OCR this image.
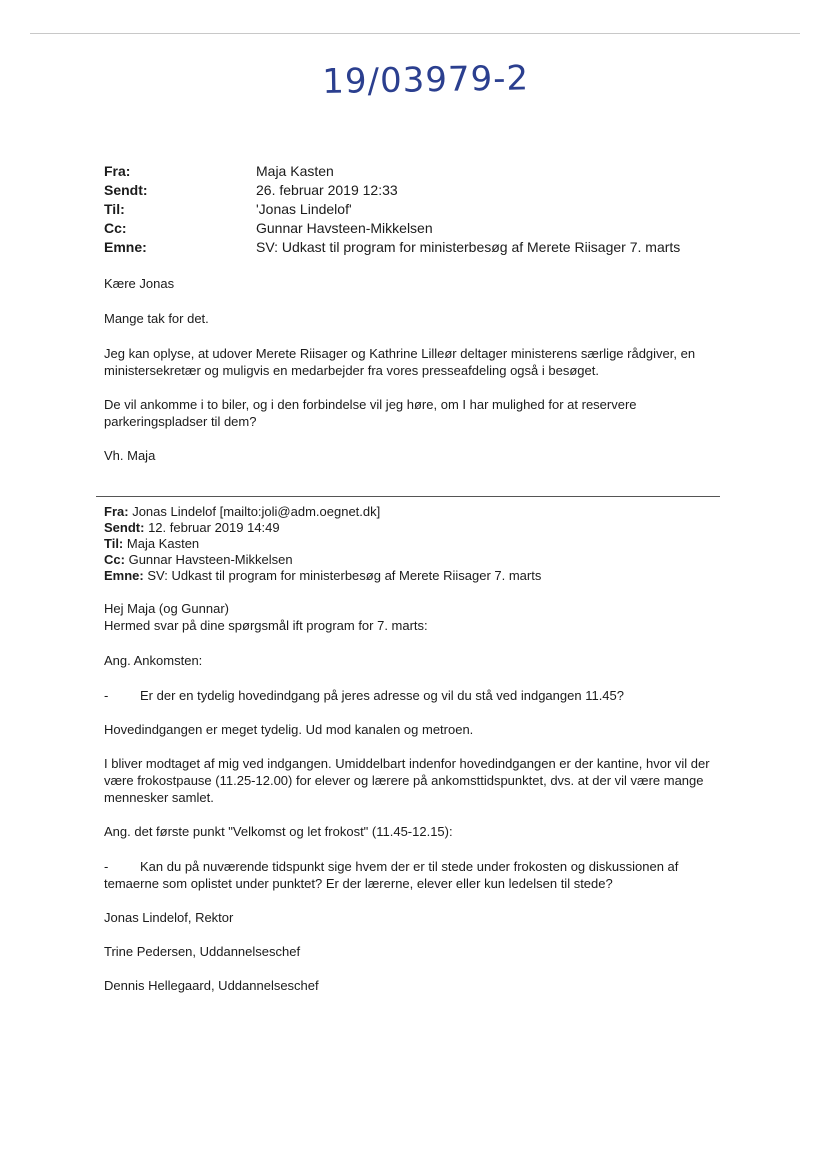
19/03979-2
Fra:	Maja Kasten
Sendt:	26. februar 2019 12:33
Til:	'Jonas Lindelof'
Cc:	Gunnar Havsteen-Mikkelsen
Emne:	SV: Udkast til program for ministerbesøg af Merete Riisager 7. marts
Kære Jonas
Mange tak for det.
Jeg kan oplyse, at udover Merete Riisager og Kathrine Lilleør deltager ministerens særlige rådgiver, en ministersekretær og muligvis en medarbejder fra vores presseafdeling også i besøget.
De vil ankomme i to biler, og i den forbindelse vil jeg høre, om I har mulighed for at reservere parkeringspladser til dem?
Vh. Maja
Fra: Jonas Lindelof [mailto:joli@adm.oegnet.dk]
Sendt: 12. februar 2019 14:49
Til: Maja Kasten
Cc: Gunnar Havsteen-Mikkelsen
Emne: SV: Udkast til program for ministerbesøg af Merete Riisager 7. marts
Hej Maja (og Gunnar)
Hermed svar på dine spørgsmål ift program for 7. marts:
Ang. Ankomsten:
- Er der en tydelig hovedindgang på jeres adresse og vil du stå ved indgangen 11.45?
Hovedindgangen er meget tydelig. Ud mod kanalen og metroen.
I bliver modtaget af mig ved indgangen. Umiddelbart indenfor hovedindgangen er der kantine, hvor vil der være frokostpause (11.25-12.00) for elever og lærere på ankomsttidspunktet, dvs. at der vil være mange mennesker samlet.
Ang. det første punkt "Velkomst og let frokost" (11.45-12.15):
- Kan du på nuværende tidspunkt sige hvem der er til stede under frokosten og diskussionen af temaerne som oplistet under punktet? Er der lærerne, elever eller kun ledelsen til stede?
Jonas Lindelof, Rektor
Trine Pedersen, Uddannelseschef
Dennis Hellegaard, Uddannelseschef
